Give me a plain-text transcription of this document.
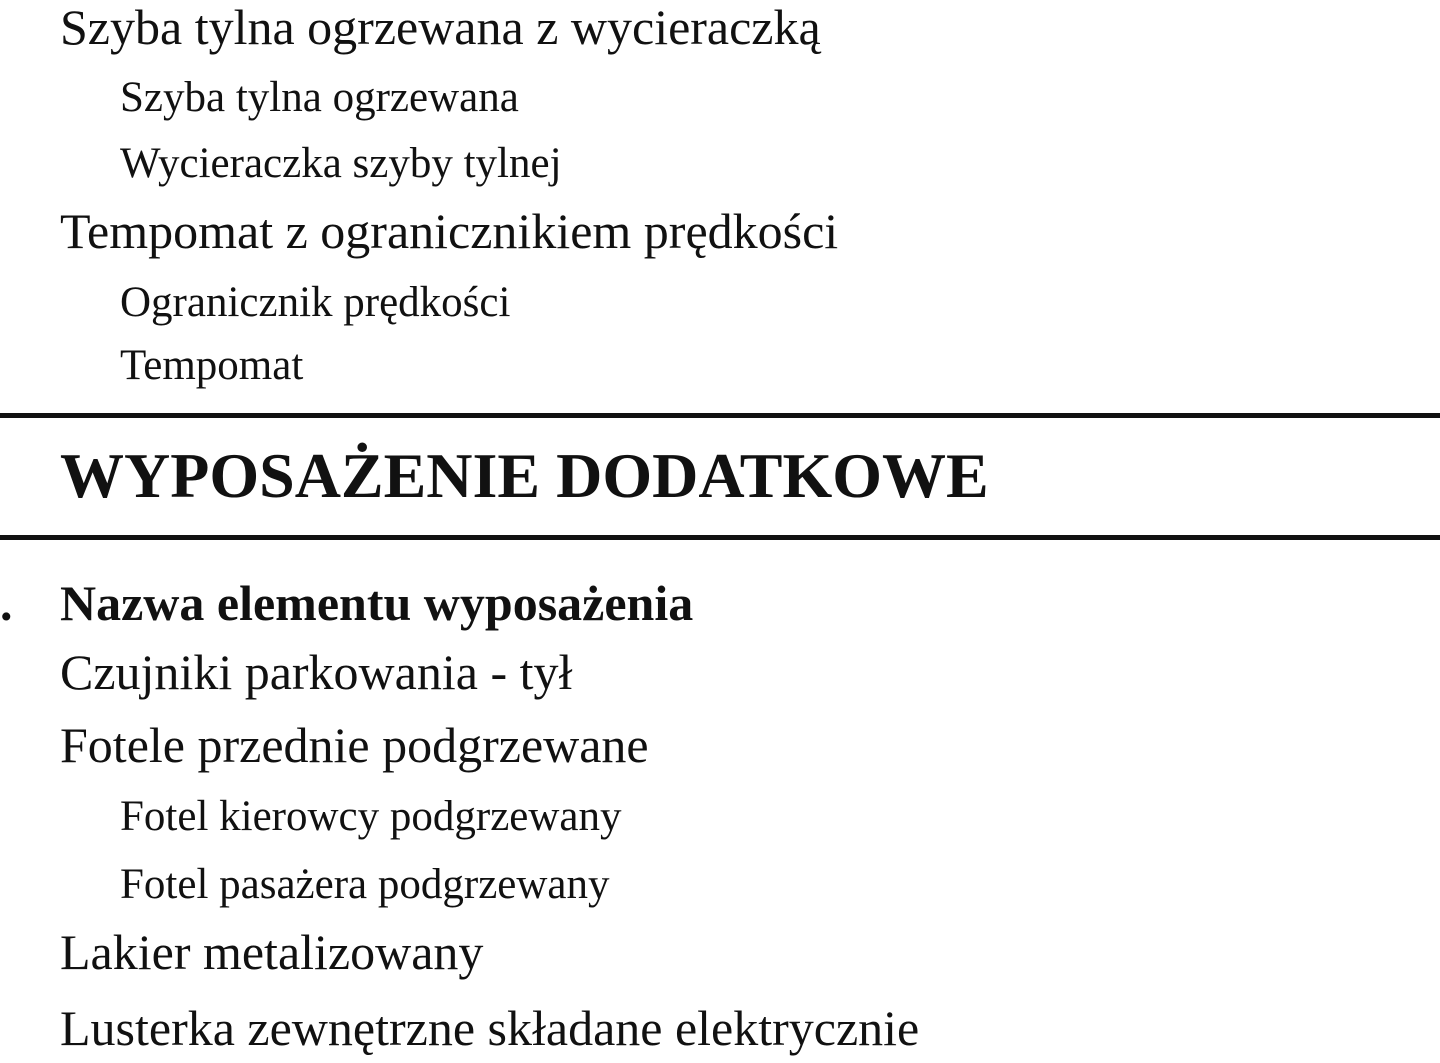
Szyba tylna ogrzewana z wycieraczką
Szyba tylna ogrzewana
Wycieraczka szyby tylnej
Tempomat z ogranicznikiem prędkości
Ogranicznik prędkości
Tempomat
WYPOSAŻENIE DODATKOWE
. Nazwa elementu wyposażenia
Czujniki parkowania - tył
Fotele przednie podgrzewane
Fotel kierowcy podgrzewany
Fotel pasażera podgrzewany
Lakier metalizowany
Lusterka zewnętrzne składane elektrycznie
